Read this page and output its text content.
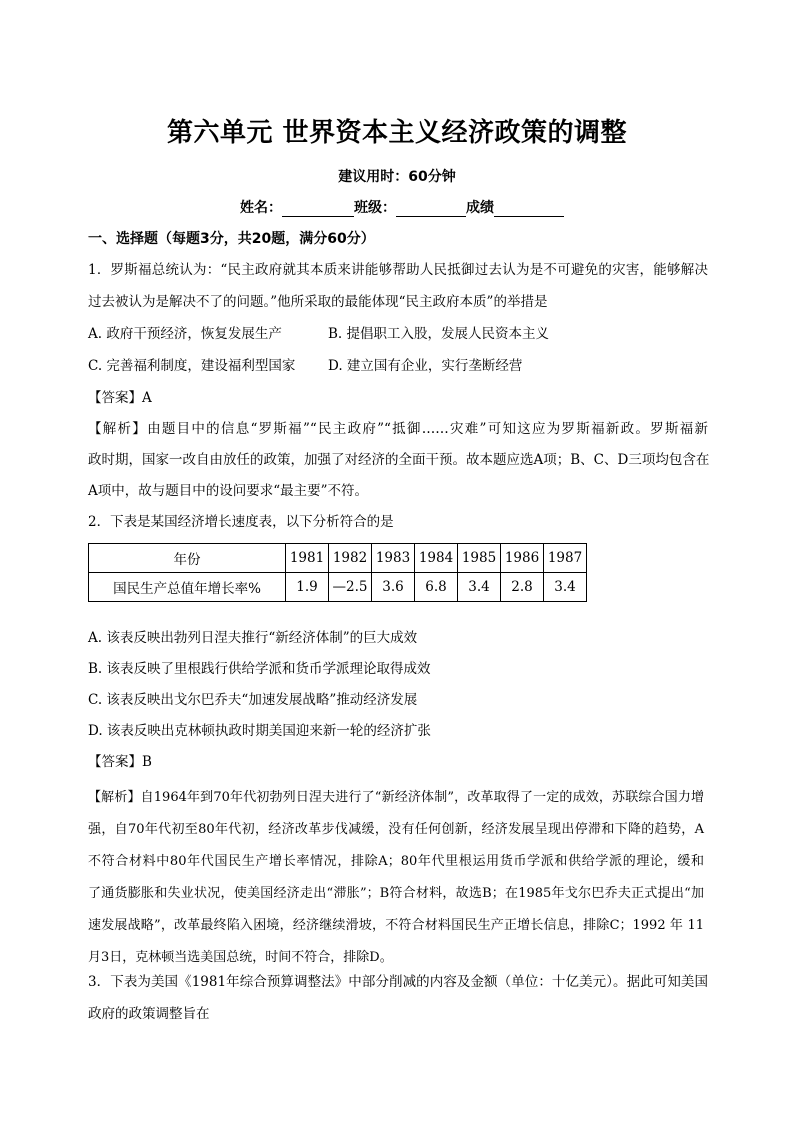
第六单元 世界资本主义经济政策的调整
建议用时：60分钟
姓名：	班级：	成绩
一、选择题（每题3分，共20题，满分60分）
1．罗斯福总统认为：“民主政府就其本质来讲能够帮助人民抵御过去认为是不可避免的灾害，能够解决
过去被认为是解决不了的问题。”他所采取的最能体现“民主政府本质”的举措是
A. 政府干预经济，恢复发展生产	B. 提倡职工入股，发展人民资本主义
C. 完善福利制度，建设福利型国家 D. 建立国有企业，实行垄断经营
【答案】A
【解析】由题目中的信息“罗斯福”“民主政府”“抵御……灾难”可知这应为罗斯福新政。罗斯福新
政时期，国家一改自由放任的政策，加强了对经济的全面干预。故本题应选A项；B、C、D三项均包含在
A项中，故与题目中的设问要求“最主要”不符。
2．下表是某国经济增长速度表，以下分析符合的是
年份	1981	1982	1983	1984	1985	1986	1987
国民生产总值年增长率%	1.9	—2.5	3.6	6.8	3.4	2.8	3.4
A. 该表反映出勃列日涅夫推行“新经济体制”的巨大成效
B. 该表反映了里根践行供给学派和货币学派理论取得成效
C. 该表反映出戈尔巴乔夫“加速发展战略”推动经济发展
D. 该表反映出克林顿执政时期美国迎来新一轮的经济扩张
【答案】B
【解析】自1964年到70年代初勃列日涅夫进行了“新经济体制”，改革取得了一定的成效，苏联综合国力增
强，自70年代初至80年代初，经济改革步伐减缓，没有任何创新，经济发展呈现出停滞和下降的趋势，A
不符合材料中80年代国民生产增长率情况，排除A；80年代里根运用货币学派和供给学派的理论，缓和
了通货膨胀和失业状况，使美国经济走出“滞胀”；B符合材料，故选B；在1985年戈尔巴乔夫正式提出“加
速发展战略”，改革最终陷入困境，经济继续滑坡，不符合材料国民生产正增长信息，排除C；1992 年 11
月3日，克林顿当选美国总统，时间不符合，排除D。
3．下表为美国《1981年综合预算调整法》中部分削减的内容及金额（单位：十亿美元）。据此可知美国
政府的政策调整旨在
